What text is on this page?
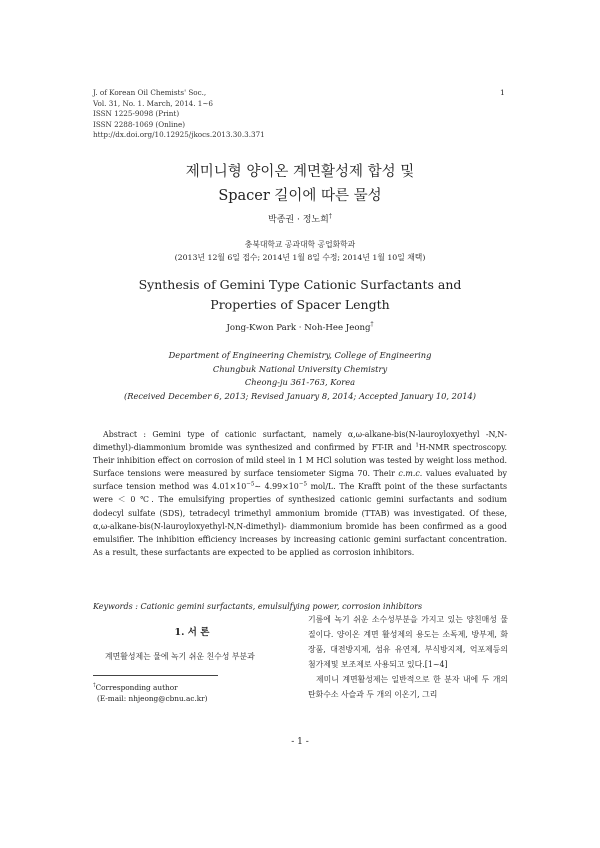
J. of Korean Oil Chemists' Soc.,
Vol. 31, No. 1. March, 2014. 1~6
ISSN 1225-9098 (Print)
ISSN 2288-1069 (Online)
http://dx.doi.org/10.12925/jkocs.2013.30.3.371
1
제미니형 양이온 계면활성제 합성 및
Spacer 길이에 따른 물성
박종권 · 정노희†
충북대학교 공과대학 공업화학과
(2013년 12월 6일 접수; 2014년 1월 8일 수정; 2014년 1월 10일 채택)
Synthesis of Gemini Type Cationic Surfactants and
Properties of Spacer Length
Jong-Kwon Park · Noh-Hee Jeong†
Department of Engineering Chemistry, College of Engineering
Chungbuk National University Chemistry
Cheong-ju 361-763, Korea
(Received December 6, 2013; Revised January 8, 2014; Accepted January 10, 2014)
Abstract : Gemini type of cationic surfactant, namely α,ω-alkane-bis(N-lauroyloxyethyl -N,N-dimethyl)-diammonium bromide was synthesized and confirmed by FT-IR and $^1$H-NMR spectroscopy. Their inhibition effect on corrosion of mild steel in 1 M HCl solution was tested by weight loss method. Surface tensions were measured by surface tensiometer Sigma 70. Their c.m.c. values evaluated by surface tension method was $4.01\times 10^{-5}\sim$ $4.99\times 10^{-5}$ mol/L. The Krafft point of the these surfactants were ＜ 0 ℃. The emulsifying properties of synthesized cationic gemini surfactants and sodium dodecyl sulfate (SDS), tetradecyl trimethyl ammonium bromide (TTAB) was investigated. Of these, α,ω-alkane-bis(N-lauroyloxyethyl-N,N-dimethyl)- diammonium bromide has been confirmed as a good emulsifier. The inhibition efficiency increases by increasing cationic gemini surfactant concentration. As a result, these surfactants are expected to be applied as corrosion inhibitors.
Keywords : Cationic gemini surfactants, emulsulfying power, corrosion inhibitors
1. 서 론
계면활성제는 물에 녹기 쉬운 친수성 부분과
†Corresponding author
(E-mail: nhjeong@cbnu.ac.kr)

기름에 녹기 쉬운 소수성부분을 가지고 있는 양친매성 물질이다. 양이온 계면 활성제의 용도는 소독제, 방부제, 화장품, 대전방지제, 섬유 유연제, 부식방지제, 억포제등의 첨가제및 보조제로 사용되고 있다.[1~4]

제미니 계면활성제는 일반적으로 한 분자 내에 두 개의 탄화수소 사슬과 두 개의 이온기, 그리

- 1 -
